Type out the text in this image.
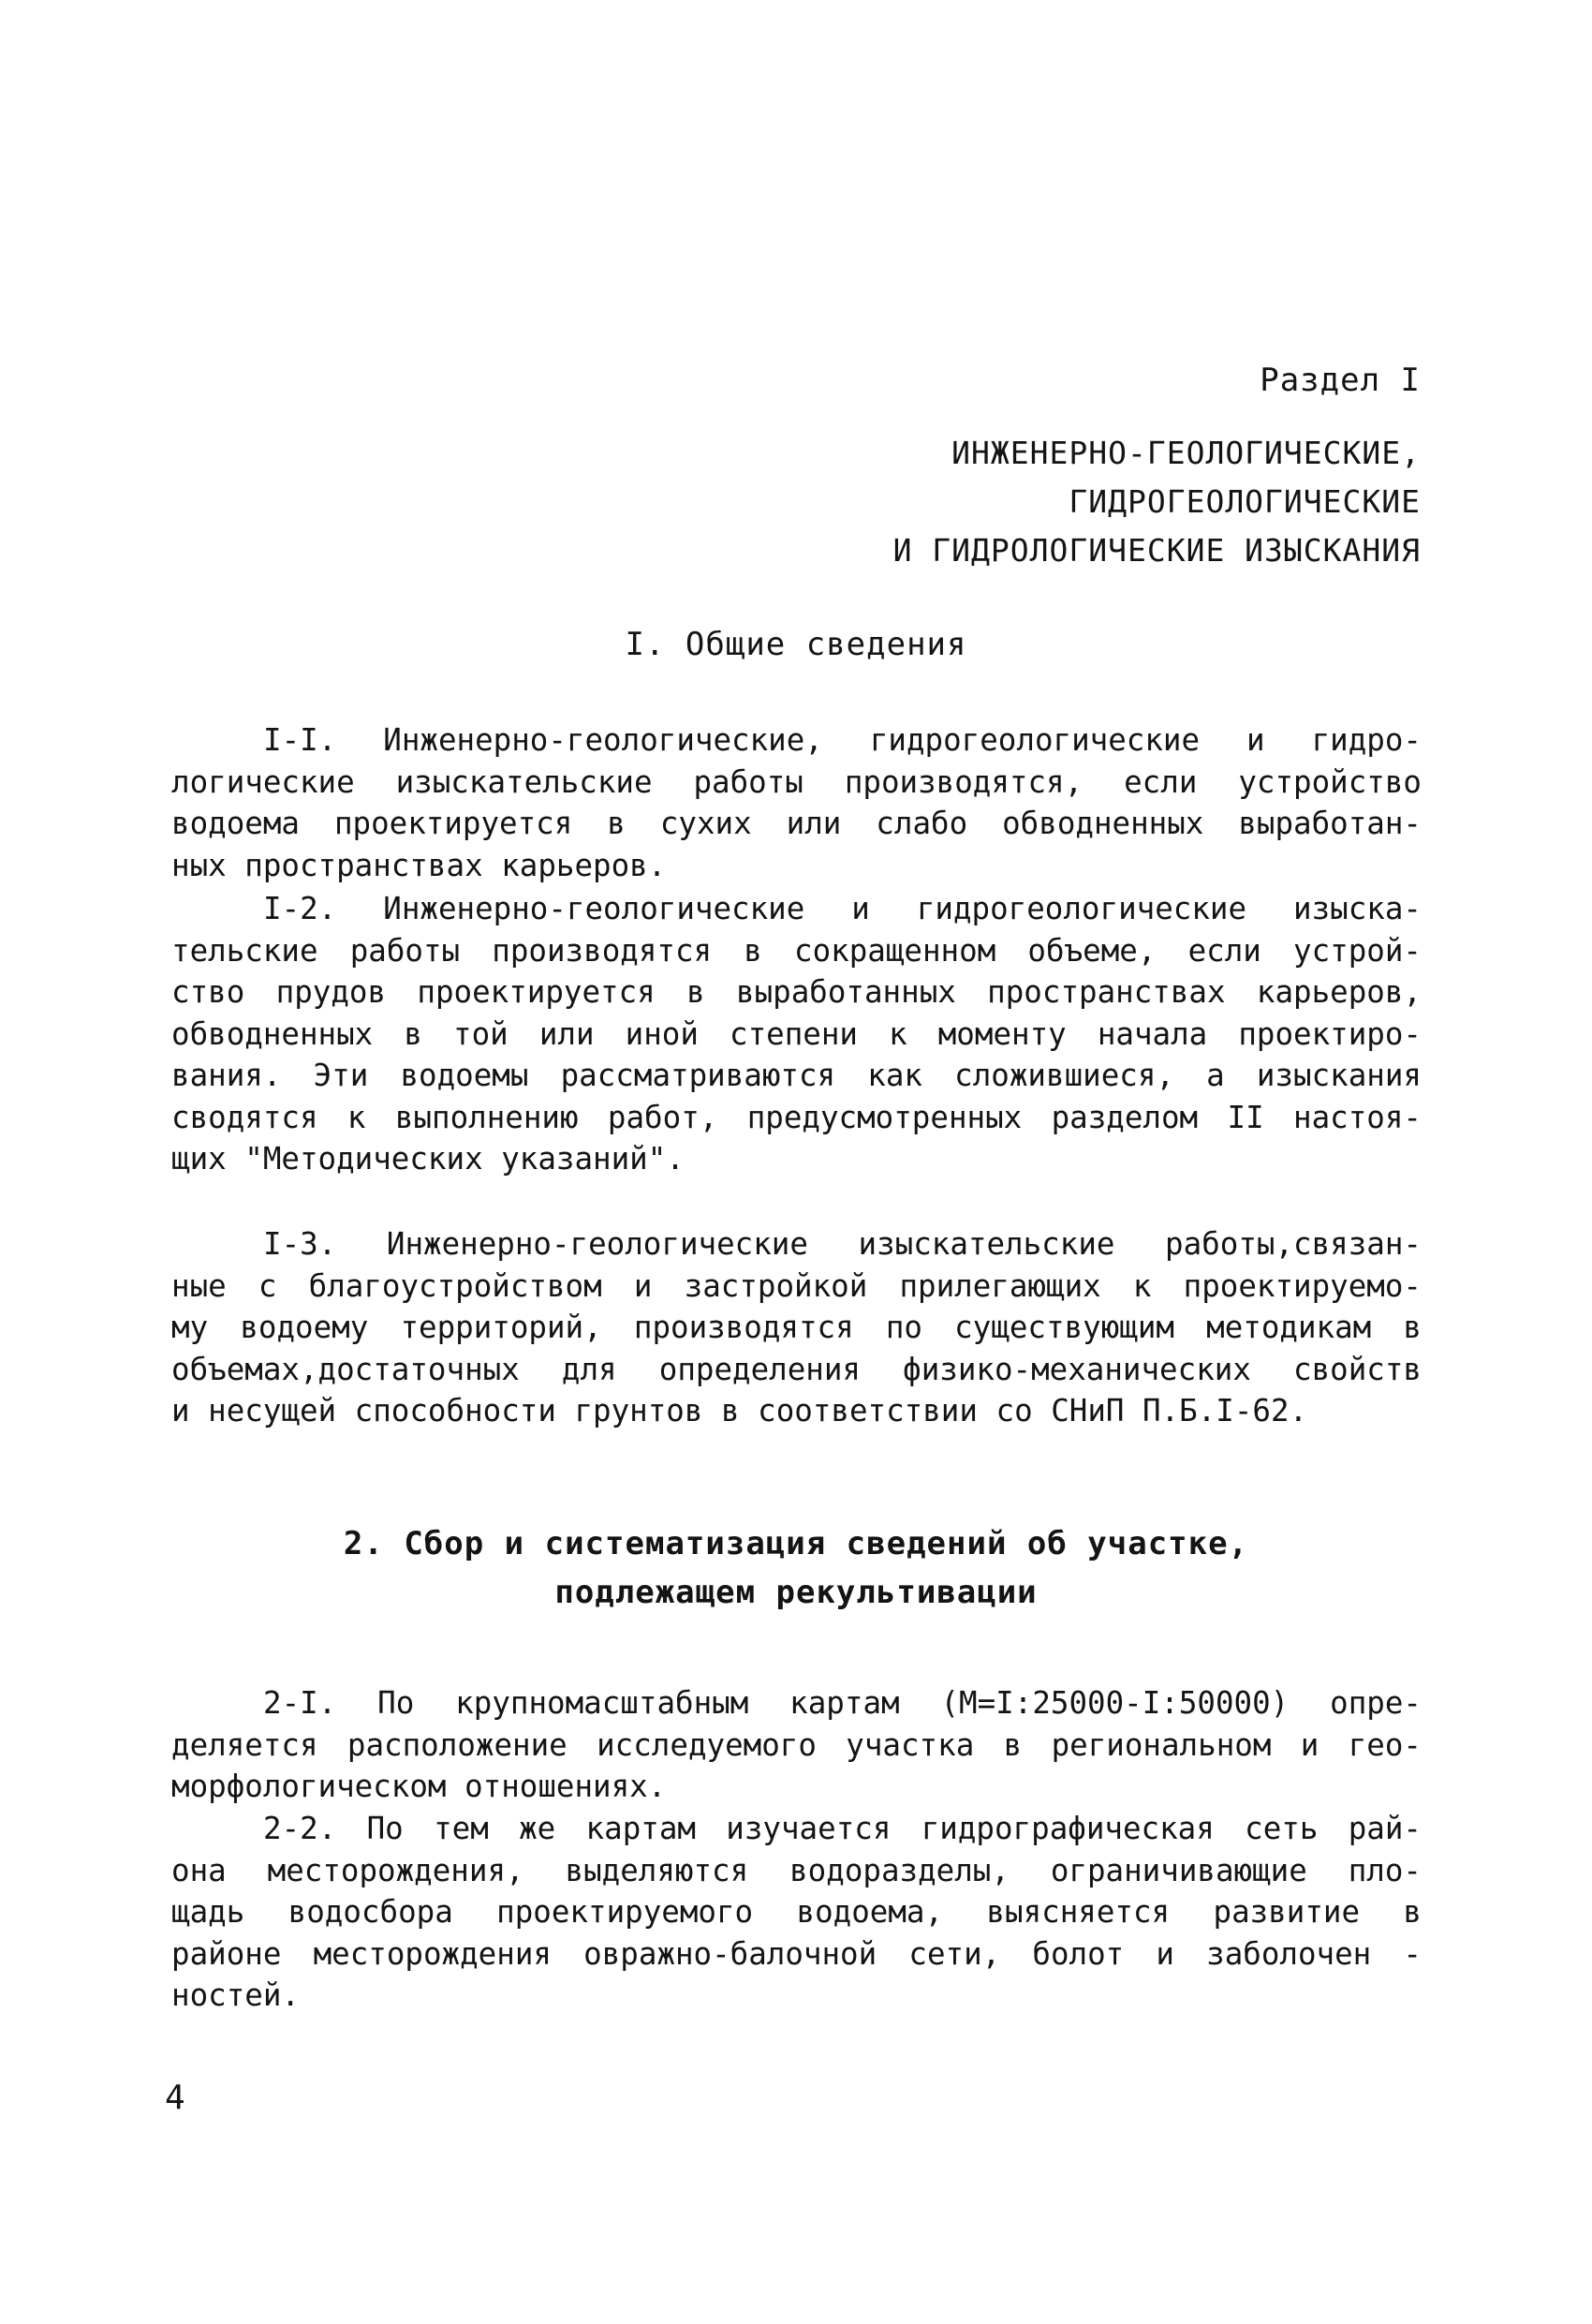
Раздел I
ИНЖЕНЕРНО-ГЕОЛОГИЧЕСКИЕ,
ГИДРОГЕОЛОГИЧЕСКИЕ
И ГИДРОЛОГИЧЕСКИЕ ИЗЫСКАНИЯ
I. Общие сведения
I-I. Инженерно-геологические, гидрогеологические и гидро-
логические изыскательские работы производятся, если устройство
водоема проектируется в сухих или слабо обводненных выработан-
ных пространствах карьеров.
I-2. Инженерно-геологические и гидрогеологические изыска-
тельские работы производятся в сокращенном объеме, если устрой-
ство прудов проектируется в выработанных пространствах карьеров,
обводненных в той или иной степени к моменту начала проектиро-
вания. Эти водоемы рассматриваются как сложившиеся, а изыскания
сводятся к выполнению работ, предусмотренных разделом II настоя-
щих "Методических указаний".
I-3. Инженерно-геологические изыскательские работы,связан-
ные с благоустройством и застройкой прилегающих к проектируемо-
му водоему территорий, производятся по существующим методикам в
объемах,достаточных для определения физико-механических свойств
и несущей способности грунтов в соответствии со СНиП П.Б.I-62.
2. Сбор и систематизация сведений об участке,
подлежащем рекультивации
2-I. По крупномасштабным картам (М=I:25000-I:50000) опре-
деляется расположение исследуемого участка в региональном и гео-
морфологическом отношениях.
2-2. По тем же картам изучается гидрографическая сеть рай-
она месторождения, выделяются водоразделы, ограничивающие пло-
щадь водосбора проектируемого водоема, выясняется развитие в
районе месторождения овражно-балочной сети, болот и заболочен -
ностей.
4
